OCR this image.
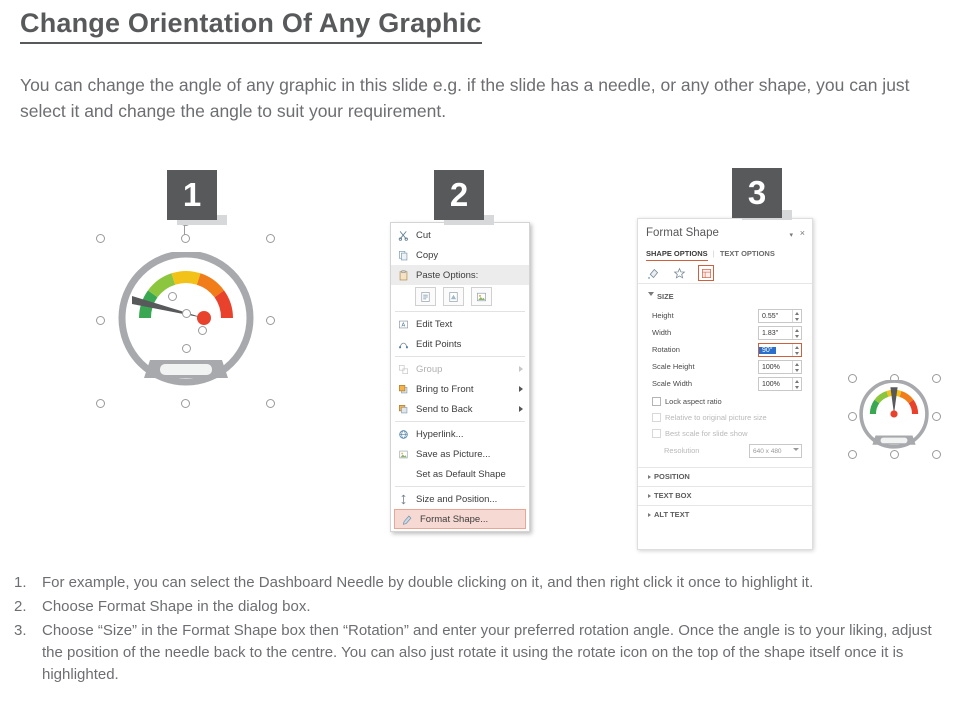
Change Orientation Of Any Graphic
You can change the angle of any graphic in this slide e.g. if the slide has a needle, or any other shape, you can just select it and change the angle to suit your requirement.
1	2	3
Cut
Copy
Paste Options:
A Edit Text
Edit Points
Group
Bring to Front
Send to Back
Hyperlink...
Save as Picture...
Set as Default Shape
Size and Position...
Format Shape...
Format Shape	▾ ×
SHAPE OPTIONS | TEXT OPTIONS
SIZE
Height	0.55"
Width	1.83"
Rotation	90°
Scale Height	100%
Scale Width	100%
Lock aspect ratio
Relative to original picture size
Best scale for slide show
Resolution	640 x 480
POSITION
TEXT BOX
ALT TEXT
1.	For example, you can select the Dashboard Needle by double clicking on it, and then right click it once to highlight it.
2.	Choose Format Shape in the dialog box.
3.	Choose “Size” in the Format Shape box then “Rotation” and enter your preferred rotation angle. Once the angle is to your liking, adjust the position of the needle back to the centre. You can also just rotate it using the rotate icon on the top of the shape itself once it is highlighted.
